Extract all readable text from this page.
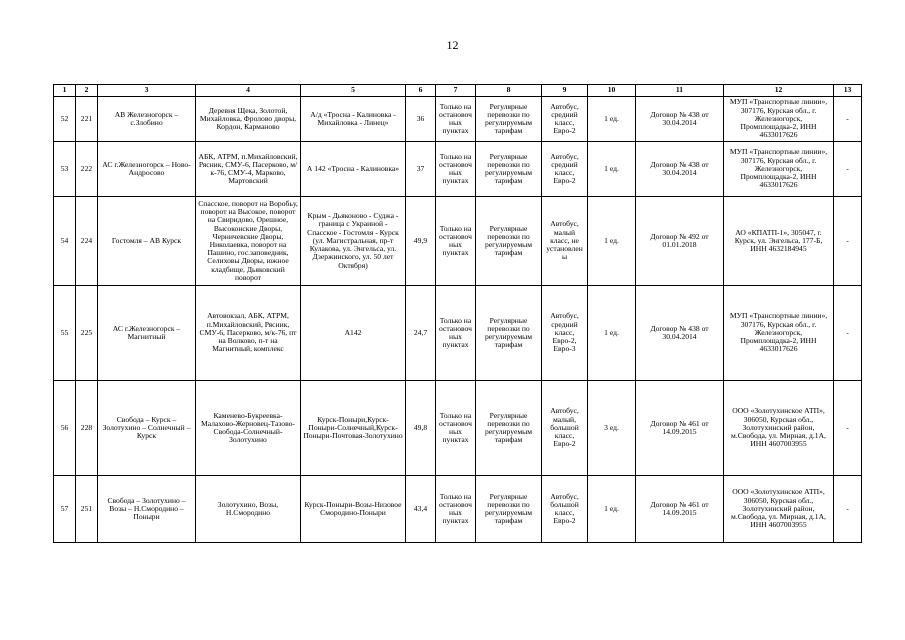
12
1	2	3	4	5	6	7	8	9	10	11	12	13
52	221	АВ Железногорск – с.Злобино	Деревня Щека, Золотой, Михайловка, Фролово дворы, Кордон, Карманово	А/д «Тросна - Калиновка - Михайловка - Линец»	36	Только на остановочных пунктах	Регулярные перевозки по регулируемым тарифам	Автобус, средний класс, Евро-2	1 ед.	Договор № 438 от 30.04.2014	МУП «Транспортные линии», 307176, Курская обл., г. Железногорск, Промплощадка-2, ИНН 4633017626	-
53	222	АС г.Железногорск – Ново-Андросово	АБК, АТРМ, п.Михайловский, Рясник, СМУ-6, Пасерково, м/к-76, СМУ-4, Марково, Мартовский	А 142 «Тросна - Калиновка»	37	Только на остановочных пунктах	Регулярные перевозки по регулируемым тарифам	Автобус, средний класс, Евро-2	1 ед.	Договор № 438 от 30.04.2014	МУП «Транспортные линии», 307176, Курская обл., г. Железногорск, Промплощадка-2, ИНН 4633017626	-
54	224	Гостомля – АВ Курск	Спасское, поворот на Воробьу, поворот на Высокое, поворот на Свиридово, Орешное, Высоконские Дворы, Черничевские Дворы, Николаевка, поворот на Пашино, гос.заповедник, Селиховы Дворы, южное кладбище, Дьяковский поворот	Крым - Дьяконово - Суджа - граница с Украиной - Спасское - Гостомля - Курск (ул. Магистральная, пр-т Кулакова, ул. Энгельса, ул. Дзержинского, ул. 50 лет Октября)	49,9	Только на остановочных пунктах	Регулярные перевозки по регулируемым тарифам	Автобус, малый класс, не установлены	1 ед.	Договор № 492 от 01.01.2018	АО «КПАТП-1», 305047, г. Курск, ул. Энгельса, 177-Б, ИНН 4632184945	-
55	225	АС г.Железногорск – Магнитный	Автовокзал, АБК, АТРМ, п.Михайловский, Рясник, СМУ-6, Пасерково, м/к-76, пт на Волково, п-т на Магнитный, комплекс	А142	24,7	Только на остановочных пунктах	Регулярные перевозки по регулируемым тарифам	Автобус, средний класс, Евро-2, Евро-3	1 ед.	Договор № 438 от 30.04.2014	МУП «Транспортные линии», 307176, Курская обл., г. Железногорск, Промплощадка-2, ИНН 4633017626	-
56	228	Свобода – Курск – Золотухино – Солнечный – Курск	Каменево-Букреевка-Малахово-Жерновец-Тазово-Свобода-Солнечный-Золотухино	Курск-Поныри,Курск-Поныри-Солнечный,Курск-Поныри-Почтовая-Золотухино	49,8	Только на остановочных пунктах	Регулярные перевозки по регулируемым тарифам	Автобус, малый, большой класс, Евро-2	3 ед.	Договор № 461 от 14.09.2015	ООО «Золотухинское АТП», 306050, Курская обл., Золотухинский район, м.Свобода, ул. Мирная, д.1А, ИНН 4607003955	-
57	251	Свобода – Золотухино – Возы – Н.Смородино – Поныри	Золотухино, Возы, Н.Смородино	Курск-Поныри-Возы-Низовое Смородино-Поныри	43,4	Только на остановочных пунктах	Регулярные перевозки по регулируемым тарифам	Автобус, большой класс, Евро-2	1 ед.	Договор № 461 от 14.09.2015	ООО «Золотухинское АТП», 306050, Курская обл., Золотухинский район, м.Свобода, ул. Мирная, д.1А, ИНН 4607003955	-
